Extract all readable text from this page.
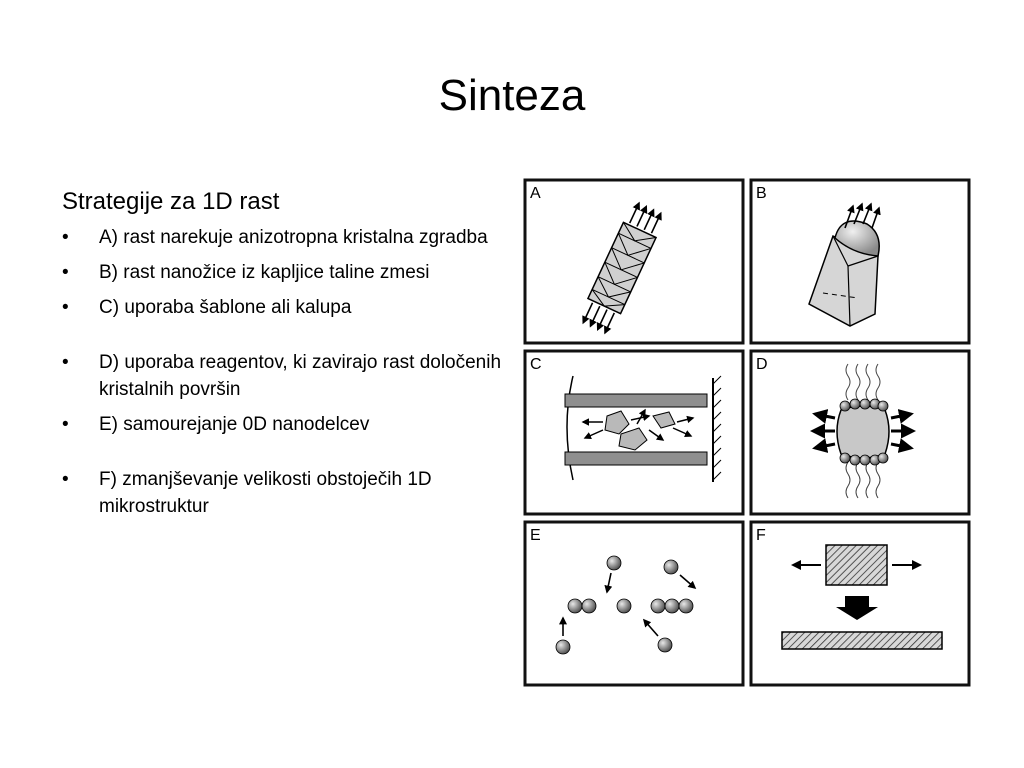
Sinteza
Strategije za 1D rast
• A) rast narekuje anizotropna kristalna zgradba
• B) rast nanožice iz kapljice taline zmesi
• C) uporaba šablone ali kalupa
• D) uporaba reagentov, ki zavirajo rast določenih kristalnih površin
• E) samourejanje 0D nanodelcev
• F) zmanjševanje velikosti obstoječih 1D mikrostruktur
A	B
C	D
E	F
